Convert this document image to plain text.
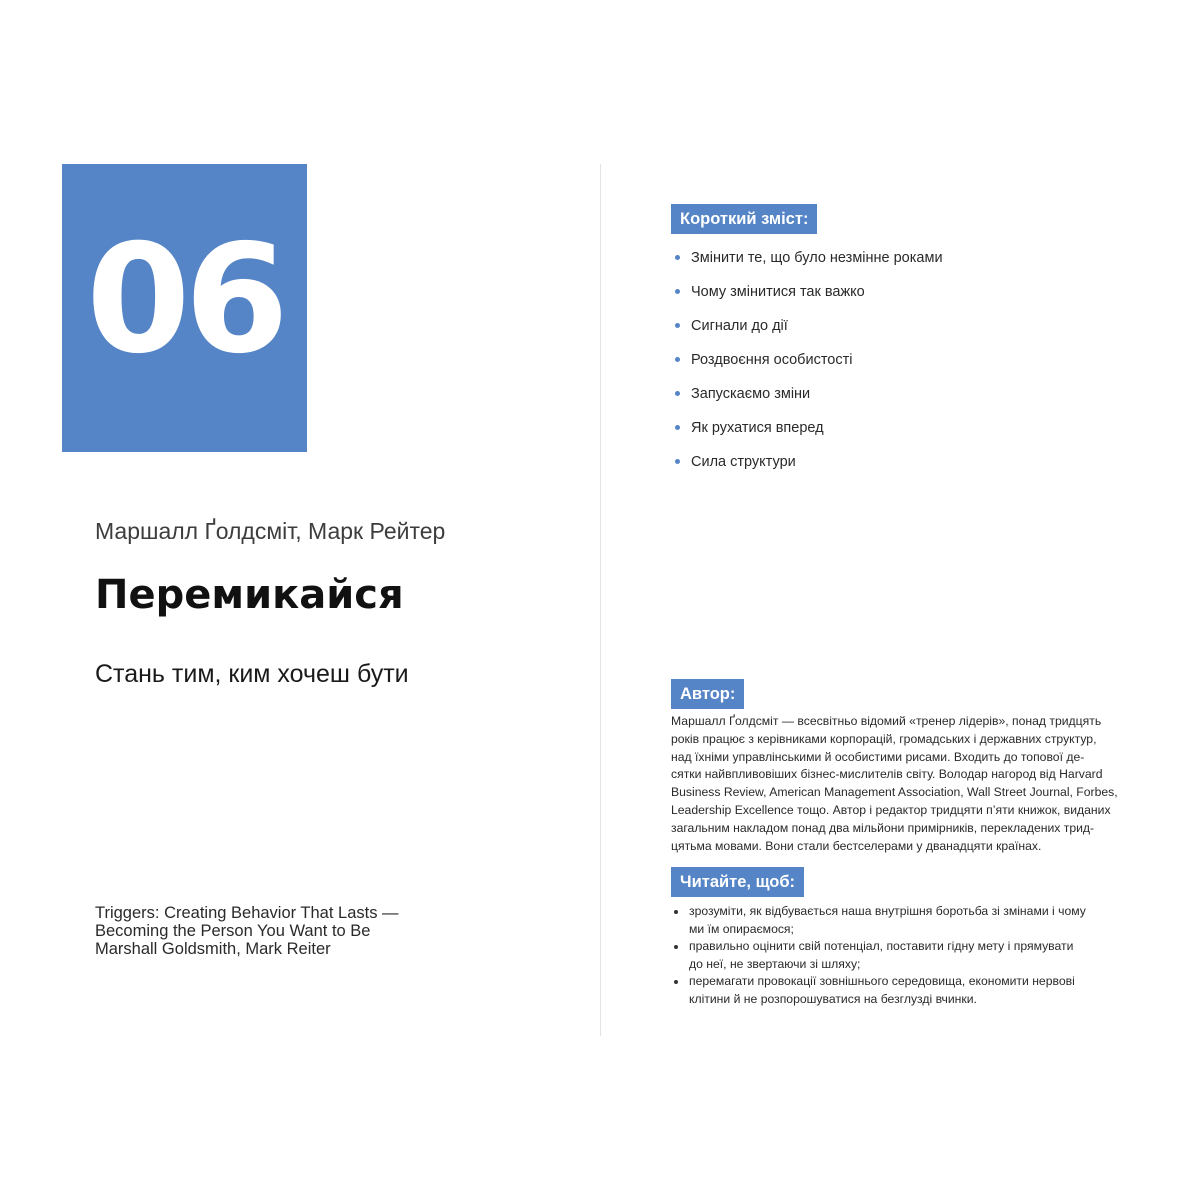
06
Маршалл Ґолдсміт, Марк Рейтер
Перемикайся
Стань тим, ким хочеш бути
Triggers: Creating Behavior That Lasts —
Becoming the Person You Want to Be
Marshall Goldsmith, Mark Reiter
Короткий зміст:
Змінити те, що було незмінне роками
Чому змінитися так важко
Сигнали до дії
Роздвоєння особистості
Запускаємо зміни
Як рухатися вперед
Сила структури
Автор:
Маршалл Ґолдсміт — всесвітньо відомий «тренер лідерів», понад тридцять
років працює з керівниками корпорацій, громадських і державних структур,
над їхніми управлінськими й особистими рисами. Входить до топової де-
сятки найвпливовіших бізнес-мислителів світу. Володар нагород від Harvard
Business Review, American Management Association, Wall Street Journal, Forbes,
Leadership Excellence тощо. Автор і редактор тридцяти п’яти книжок, виданих
загальним накладом понад два мільйони примірників, перекладених трид-
цятьма мовами. Вони стали бестселерами у дванадцяти країнах.
Читайте, щоб:
зрозуміти, як відбувається наша внутрішня боротьба зі змінами і чому
ми їм опираємося;
правильно оцінити свій потенціал, поставити гідну мету і прямувати
до неї, не звертаючи зі шляху;
перемагати провокації зовнішнього середовища, економити нервові
клітини й не розпорошуватися на безглузді вчинки.
